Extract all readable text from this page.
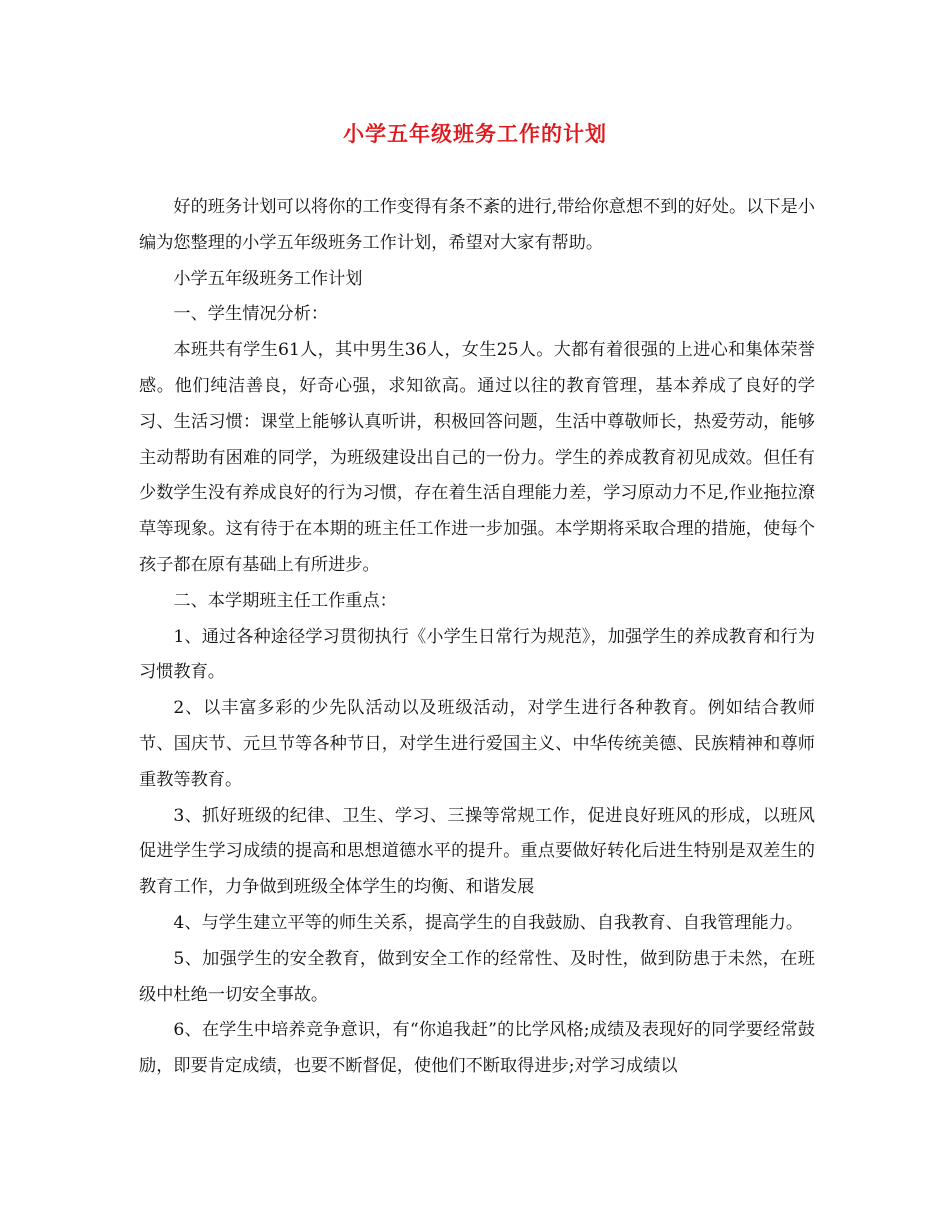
小学五年级班务工作的计划

好的班务计划可以将你的工作变得有条不紊的进行,带给你意想不到的好处。以下是小编为您整理的小学五年级班务工作计划，希望对大家有帮助。

小学五年级班务工作计划

一、学生情况分析：

本班共有学生61人，其中男生36人，女生25人。大都有着很强的上进心和集体荣誉感。他们纯洁善良，好奇心强，求知欲高。通过以往的教育管理，基本养成了良好的学习、生活习惯：课堂上能够认真听讲，积极回答问题，生活中尊敬师长，热爱劳动，能够主动帮助有困难的同学，为班级建设出自己的一份力。学生的养成教育初见成效。但任有少数学生没有养成良好的行为习惯，存在着生活自理能力差，学习原动力不足,作业拖拉潦草等现象。这有待于在本期的班主任工作进一步加强。本学期将采取合理的措施，使每个孩子都在原有基础上有所进步。

二、本学期班主任工作重点：

1、通过各种途径学习贯彻执行《小学生日常行为规范》，加强学生的养成教育和行为习惯教育。

2、以丰富多彩的少先队活动以及班级活动，对学生进行各种教育。例如结合教师节、国庆节、元旦节等各种节日，对学生进行爱国主义、中华传统美德、民族精神和尊师重教等教育。

3、抓好班级的纪律、卫生、学习、三操等常规工作，促进良好班风的形成，以班风促进学生学习成绩的提高和思想道德水平的提升。重点要做好转化后进生特别是双差生的教育工作，力争做到班级全体学生的均衡、和谐发展

4、与学生建立平等的师生关系，提高学生的自我鼓励、自我教育、自我管理能力。

5、加强学生的安全教育，做到安全工作的经常性、及时性，做到防患于未然，在班级中杜绝一切安全事故。

6、在学生中培养竞争意识，有“你追我赶”的比学风格;成绩及表现好的同学要经常鼓励，即要肯定成绩，也要不断督促，使他们不断取得进步;对学习成绩以
